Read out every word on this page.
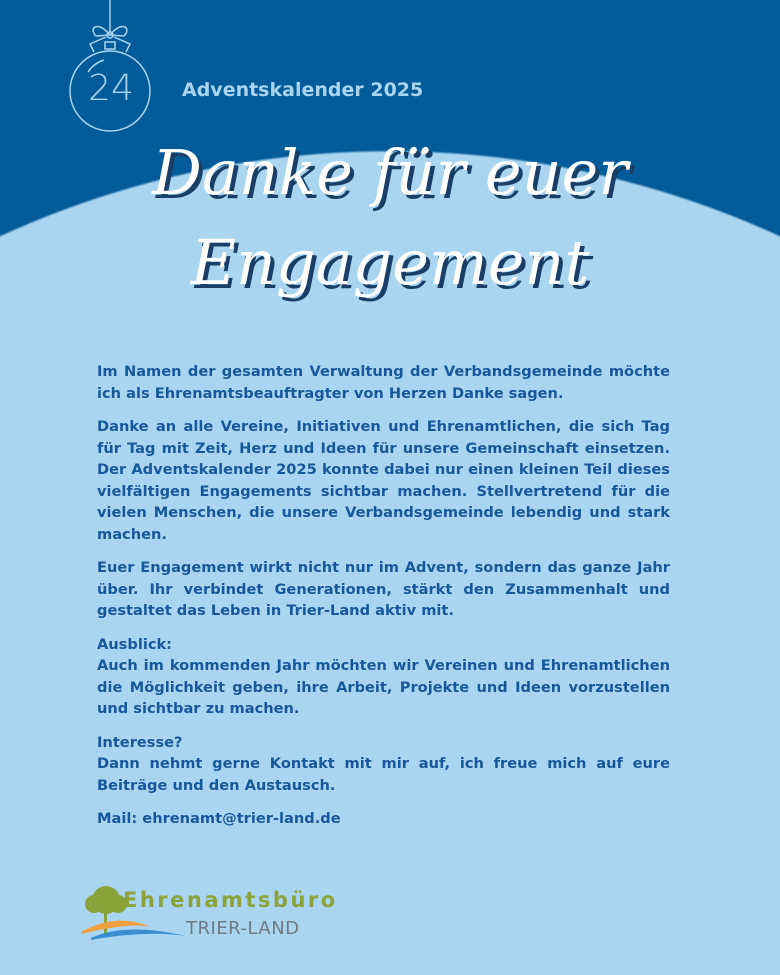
24	Adventskalender 2025
Danke für euer
Engagement

Im Namen der gesamten Verwaltung der Verbandsgemeinde möchte ich als Ehrenamtsbeauftragter von Herzen Danke sagen.

Danke an alle Vereine, Initiativen und Ehrenamtlichen, die sich Tag für Tag mit Zeit, Herz und Ideen für unsere Gemeinschaft einsetzen. Der Adventskalender 2025 konnte dabei nur einen kleinen Teil dieses vielfältigen Engagements sichtbar machen. Stellvertretend für die vielen Menschen, die unsere Verbandsgemeinde lebendig und stark machen.

Euer Engagement wirkt nicht nur im Advent, sondern das ganze Jahr über. Ihr verbindet Generationen, stärkt den Zusammenhalt und gestaltet das Leben in Trier-Land aktiv mit.

Ausblick:
Auch im kommenden Jahr möchten wir Vereinen und Ehrenamtlichen die Möglichkeit geben, ihre Arbeit, Projekte und Ideen vorzustellen und sichtbar zu machen.

Interesse?
Dann nehmt gerne Kontakt mit mir auf, ich freue mich auf eure Beiträge und den Austausch.

Mail: ehrenamt@trier-land.de

Ehrenamtsbüro
TRIER-LAND
